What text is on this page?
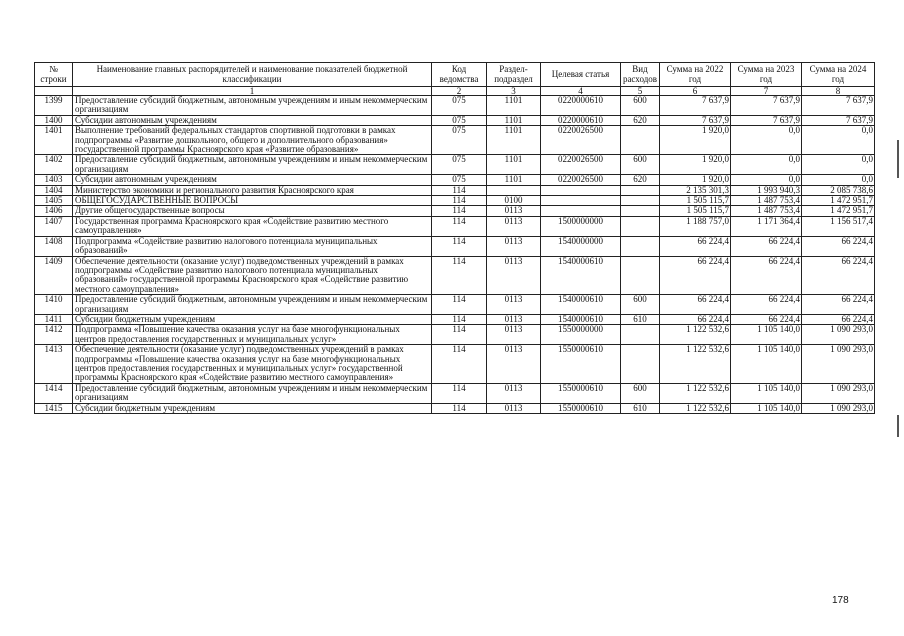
№ строки	Наименование главных распорядителей и наименование показателей бюджетной классификации	Код ведомства	Раздел-подраздел	Целевая статья	Вид расходов	Сумма на 2022 год	Сумма на 2023 год	Сумма на 2024 год
	1	2	3	4	5	6	7	8
1399	Предоставление субсидий бюджетным, автономным учреждениям и иным некоммерческим организациям	075	1101	0220000610	600	7 637,9	7 637,9	7 637,9
1400	Субсидии автономным учреждениям	075	1101	0220000610	620	7 637,9	7 637,9	7 637,9
1401	Выполнение требований федеральных стандартов спортивной подготовки в рамках подпрограммы «Развитие дошкольного, общего и дополнительного образования» государственной программы Красноярского края «Развитие образования»	075	1101	0220026500		1 920,0	0,0	0,0
1402	Предоставление субсидий бюджетным, автономным учреждениям и иным некоммерческим организациям	075	1101	0220026500	600	1 920,0	0,0	0,0
1403	Субсидии автономным учреждениям	075	1101	0220026500	620	1 920,0	0,0	0,0
1404	Министерство экономики и регионального развития Красноярского края	114				2 135 301,3	1 993 940,3	2 085 738,6
1405	ОБЩЕГОСУДАРСТВЕННЫЕ ВОПРОСЫ	114	0100			1 505 115,7	1 487 753,4	1 472 951,7
1406	Другие общегосударственные вопросы	114	0113			1 505 115,7	1 487 753,4	1 472 951,7
1407	Государственная программа Красноярского края «Содействие развитию местного самоуправления»	114	0113	1500000000		1 188 757,0	1 171 364,4	1 156 517,4
1408	Подпрограмма «Содействие развитию налогового потенциала муниципальных образований»	114	0113	1540000000		66 224,4	66 224,4	66 224,4
1409	Обеспечение деятельности (оказание услуг) подведомственных учреждений в рамках подпрограммы «Содействие развитию налогового потенциала муниципальных образований» государственной программы Красноярского края «Содействие развитию местного самоуправления»	114	0113	1540000610		66 224,4	66 224,4	66 224,4
1410	Предоставление субсидий бюджетным, автономным учреждениям и иным некоммерческим организациям	114	0113	1540000610	600	66 224,4	66 224,4	66 224,4
1411	Субсидии бюджетным учреждениям	114	0113	1540000610	610	66 224,4	66 224,4	66 224,4
1412	Подпрограмма «Повышение качества оказания услуг на базе многофункциональных центров предоставления государственных и муниципальных услуг»	114	0113	1550000000		1 122 532,6	1 105 140,0	1 090 293,0
1413	Обеспечение деятельности (оказание услуг) подведомственных учреждений в рамках подпрограммы «Повышение качества оказания услуг на базе многофункциональных центров предоставления государственных и муниципальных услуг» государственной программы Красноярского края «Содействие развитию местного самоуправления»	114	0113	1550000610		1 122 532,6	1 105 140,0	1 090 293,0
1414	Предоставление субсидий бюджетным, автономным учреждениям и иным некоммерческим организациям	114	0113	1550000610	600	1 122 532,6	1 105 140,0	1 090 293,0
1415	Субсидии бюджетным учреждениям	114	0113	1550000610	610	1 122 532,6	1 105 140,0	1 090 293,0
178
